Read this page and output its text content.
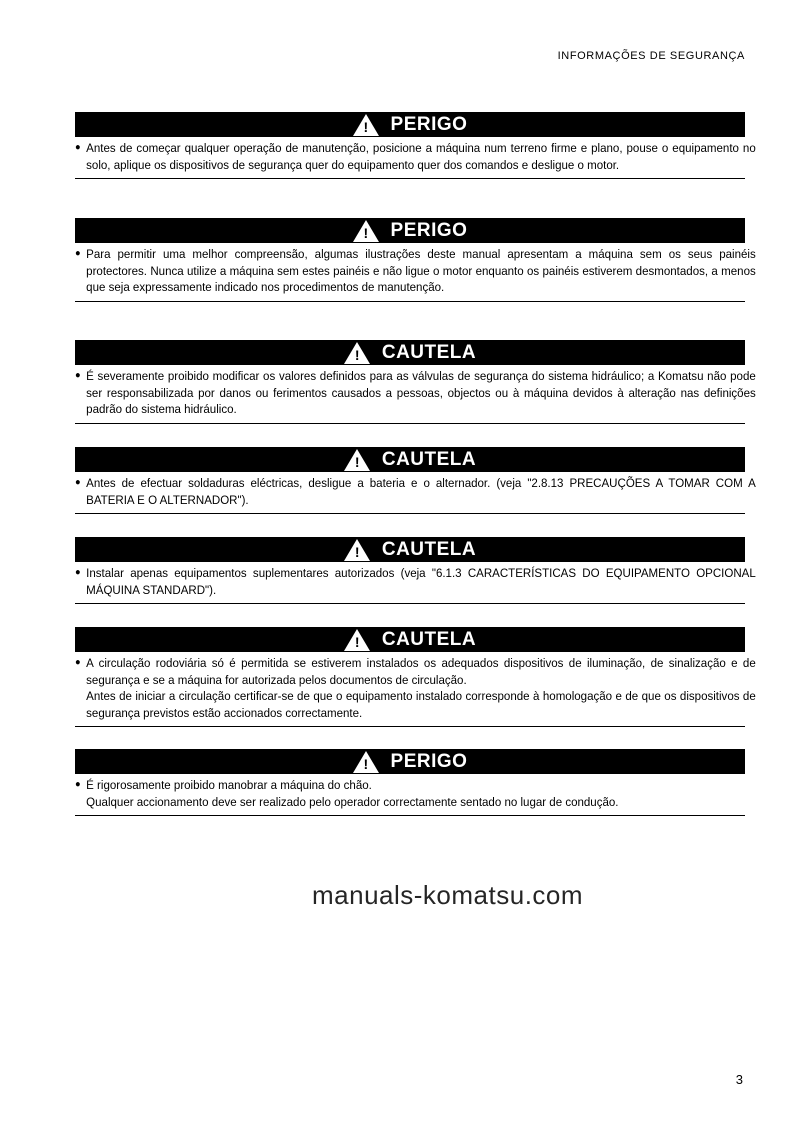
INFORMAÇÕES DE SEGURANÇA
! PERIGO
● Antes de começar qualquer operação de manutenção, posicione a máquina num terreno firme e plano, pouse o equipamento no solo, aplique os dispositivos de segurança quer do equipamento quer dos comandos e desligue o motor.

! PERIGO
● Para permitir uma melhor compreensão, algumas ilustrações deste manual apresentam a máquina sem os seus painéis protectores. Nunca utilize a máquina sem estes painéis e não ligue o motor enquanto os painéis estiverem desmontados, a menos que seja expressamente indicado nos procedimentos de manutenção.

! CAUTELA
● É severamente proibido modificar os valores definidos para as válvulas de segurança do sistema hidráulico; a Komatsu não pode ser responsabilizada por danos ou ferimentos causados a pessoas, objectos ou à máquina devidos à alteração nas definições padrão do sistema hidráulico.

! CAUTELA
● Antes de efectuar soldaduras eléctricas, desligue a bateria e o alternador. (veja "2.8.13 PRECAUÇÕES A TOMAR COM A BATERIA E O ALTERNADOR").

! CAUTELA
● Instalar apenas equipamentos suplementares autorizados (veja "6.1.3 CARACTERÍSTICAS DO EQUIPAMENTO OPCIONAL MÁQUINA STANDARD").

! CAUTELA
● A circulação rodoviária só é permitida se estiverem instalados os adequados dispositivos de iluminação, de sinalização e de segurança e se a máquina for autorizada pelos documentos de circulação.

Antes de iniciar a circulação certificar-se de que o equipamento instalado corresponde à homologação e de que os dispositivos de segurança previstos estão accionados correctamente.

! PERIGO
● É rigorosamente proibido manobrar a máquina do chão.

Qualquer accionamento deve ser realizado pelo operador correctamente sentado no lugar de condução.

manuals-komatsu.com
3
